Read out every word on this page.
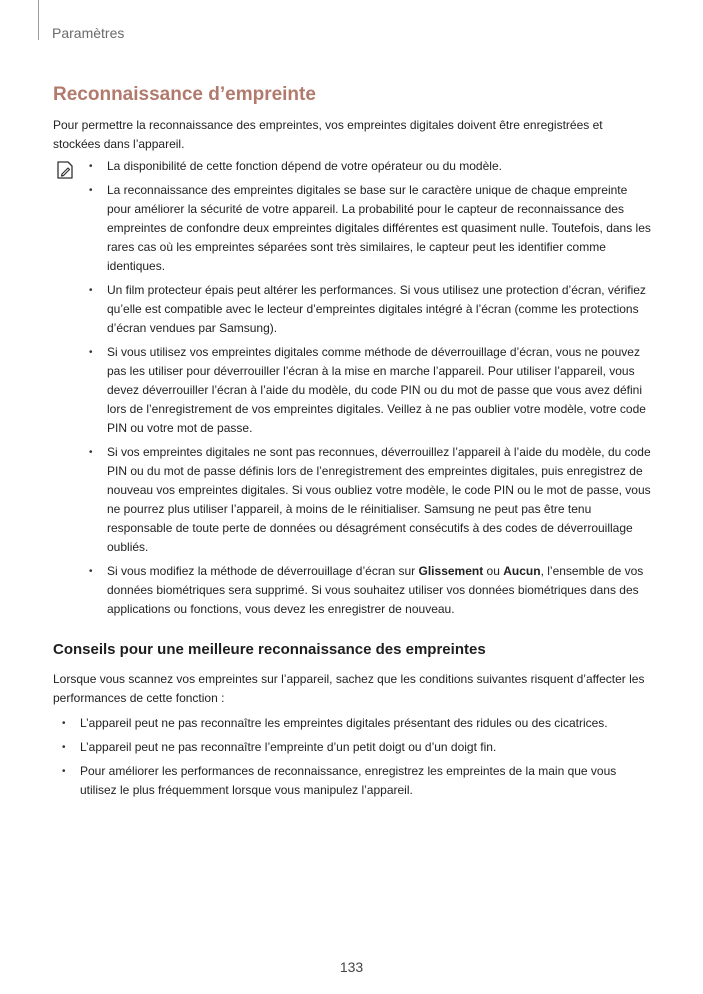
Paramètres
Reconnaissance d’empreinte
Pour permettre la reconnaissance des empreintes, vos empreintes digitales doivent être enregistrées et stockées dans l’appareil.
• La disponibilité de cette fonction dépend de votre opérateur ou du modèle.
• La reconnaissance des empreintes digitales se base sur le caractère unique de chaque empreinte pour améliorer la sécurité de votre appareil. La probabilité pour le capteur de reconnaissance des empreintes de confondre deux empreintes digitales différentes est quasiment nulle. Toutefois, dans les rares cas où les empreintes séparées sont très similaires, le capteur peut les identifier comme identiques.
• Un film protecteur épais peut altérer les performances. Si vous utilisez une protection d’écran, vérifiez qu’elle est compatible avec le lecteur d’empreintes digitales intégré à l’écran (comme les protections d’écran vendues par Samsung).
• Si vous utilisez vos empreintes digitales comme méthode de déverrouillage d’écran, vous ne pouvez pas les utiliser pour déverrouiller l’écran à la mise en marche l’appareil. Pour utiliser l’appareil, vous devez déverrouiller l’écran à l’aide du modèle, du code PIN ou du mot de passe que vous avez défini lors de l’enregistrement de vos empreintes digitales. Veillez à ne pas oublier votre modèle, votre code PIN ou votre mot de passe.
• Si vos empreintes digitales ne sont pas reconnues, déverrouillez l’appareil à l’aide du modèle, du code PIN ou du mot de passe définis lors de l’enregistrement des empreintes digitales, puis enregistrez de nouveau vos empreintes digitales. Si vous oubliez votre modèle, le code PIN ou le mot de passe, vous ne pourrez plus utiliser l’appareil, à moins de le réinitialiser. Samsung ne peut pas être tenu responsable de toute perte de données ou désagrément consécutifs à des codes de déverrouillage oubliés.
• Si vous modifiez la méthode de déverrouillage d’écran sur Glissement ou Aucun, l’ensemble de vos données biométriques sera supprimé. Si vous souhaitez utiliser vos données biométriques dans des applications ou fonctions, vous devez les enregistrer de nouveau.
Conseils pour une meilleure reconnaissance des empreintes
Lorsque vous scannez vos empreintes sur l’appareil, sachez que les conditions suivantes risquent d’affecter les performances de cette fonction :
• L’appareil peut ne pas reconnaître les empreintes digitales présentant des ridules ou des cicatrices.
• L’appareil peut ne pas reconnaître l’empreinte d’un petit doigt ou d’un doigt fin.
• Pour améliorer les performances de reconnaissance, enregistrez les empreintes de la main que vous utilisez le plus fréquemment lorsque vous manipulez l’appareil.
133
